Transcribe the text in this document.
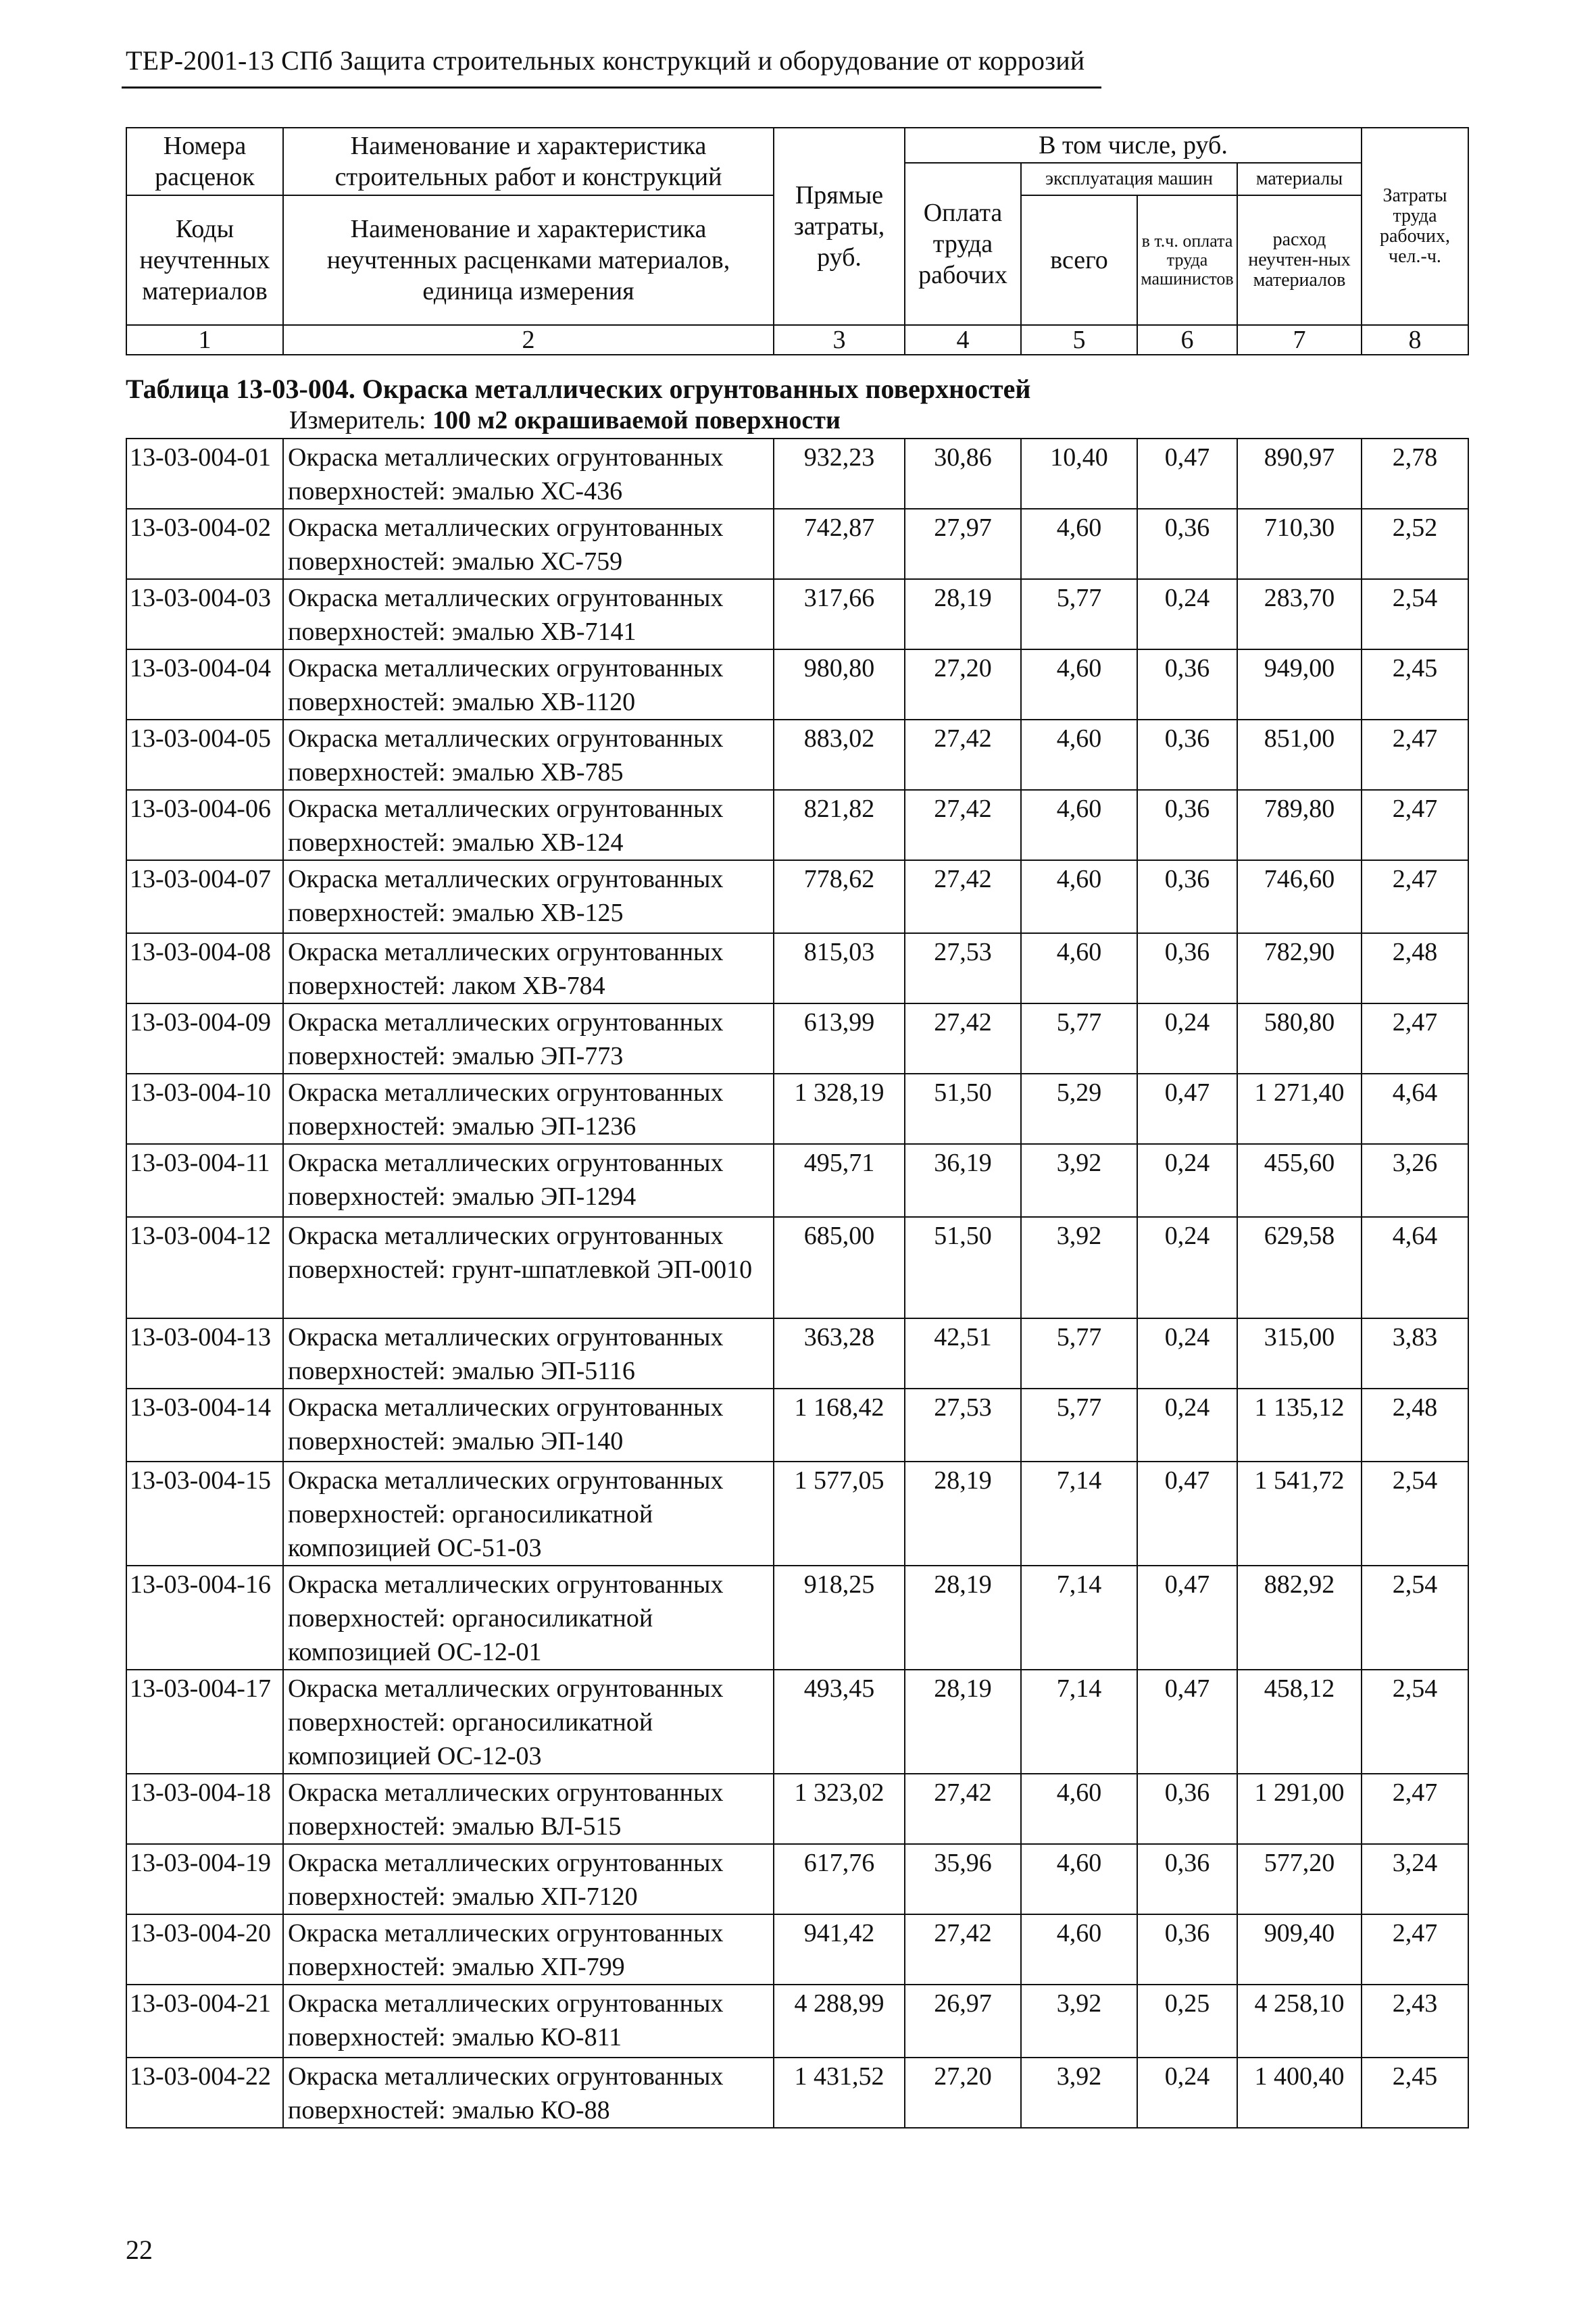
ТЕР-2001-13 СПб Защита строительных конструкций и оборудование от коррозий
Номера расценок	Наименование и характеристика строительных работ и конструкций	Прямые затраты, руб.	В том числе, руб.				Затраты труда рабочих, чел.-ч.
			Оплата труда рабочих	эксплуатация машин		материалы	
Коды неучтенных материалов	Наименование и характеристика неучтенных расценками материалов, единица измерения			всего	в т.ч. оплата труда машинистов	расход неучтен-ных материалов	

1	2	3	4	5	6	7	8
Таблица 13-03-004. Окраска металлических огрунтованных поверхностей
Измеритель: 100 м2 окрашиваемой поверхности
13-03-004-01	Окраска металлических огрунтованных поверхностей: эмалью ХС-436	932,23	30,86	10,40	0,47	890,97	2,78
13-03-004-02	Окраска металлических огрунтованных поверхностей: эмалью ХС-759	742,87	27,97	4,60	0,36	710,30	2,52
13-03-004-03	Окраска металлических огрунтованных поверхностей: эмалью ХВ-7141	317,66	28,19	5,77	0,24	283,70	2,54
13-03-004-04	Окраска металлических огрунтованных поверхностей: эмалью ХВ-1120	980,80	27,20	4,60	0,36	949,00	2,45
13-03-004-05	Окраска металлических огрунтованных поверхностей: эмалью ХВ-785	883,02	27,42	4,60	0,36	851,00	2,47
13-03-004-06	Окраска металлических огрунтованных поверхностей: эмалью ХВ-124	821,82	27,42	4,60	0,36	789,80	2,47
13-03-004-07	Окраска металлических огрунтованных поверхностей: эмалью ХВ-125	778,62	27,42	4,60	0,36	746,60	2,47
13-03-004-08	Окраска металлических огрунтованных поверхностей: лаком ХВ-784	815,03	27,53	4,60	0,36	782,90	2,48
13-03-004-09	Окраска металлических огрунтованных поверхностей: эмалью ЭП-773	613,99	27,42	5,77	0,24	580,80	2,47
13-03-004-10	Окраска металлических огрунтованных поверхностей: эмалью ЭП-1236	1 328,19	51,50	5,29	0,47	1 271,40	4,64
13-03-004-11	Окраска металлических огрунтованных поверхностей: эмалью ЭП-1294	495,71	36,19	3,92	0,24	455,60	3,26
13-03-004-12	Окраска металлических огрунтованных поверхностей: грунт-шпатлевкой ЭП-0010	685,00	51,50	3,92	0,24	629,58	4,64
13-03-004-13	Окраска металлических огрунтованных поверхностей: эмалью ЭП-5116	363,28	42,51	5,77	0,24	315,00	3,83
13-03-004-14	Окраска металлических огрунтованных поверхностей: эмалью ЭП-140	1 168,42	27,53	5,77	0,24	1 135,12	2,48
13-03-004-15	Окраска металлических огрунтованных поверхностей: органосиликатной композицией ОС-51-03	1 577,05	28,19	7,14	0,47	1 541,72	2,54
13-03-004-16	Окраска металлических огрунтованных поверхностей: органосиликатной композицией ОС-12-01	918,25	28,19	7,14	0,47	882,92	2,54
13-03-004-17	Окраска металлических огрунтованных поверхностей: органосиликатной композицией ОС-12-03	493,45	28,19	7,14	0,47	458,12	2,54
13-03-004-18	Окраска металлических огрунтованных поверхностей: эмалью ВЛ-515	1 323,02	27,42	4,60	0,36	1 291,00	2,47
13-03-004-19	Окраска металлических огрунтованных поверхностей: эмалью ХП-7120	617,76	35,96	4,60	0,36	577,20	3,24
13-03-004-20	Окраска металлических огрунтованных поверхностей: эмалью ХП-799	941,42	27,42	4,60	0,36	909,40	2,47
13-03-004-21	Окраска металлических огрунтованных поверхностей: эмалью КО-811	4 288,99	26,97	3,92	0,25	4 258,10	2,43
13-03-004-22	Окраска металлических огрунтованных поверхностей: эмалью КО-88	1 431,52	27,20	3,92	0,24	1 400,40	2,45
22
